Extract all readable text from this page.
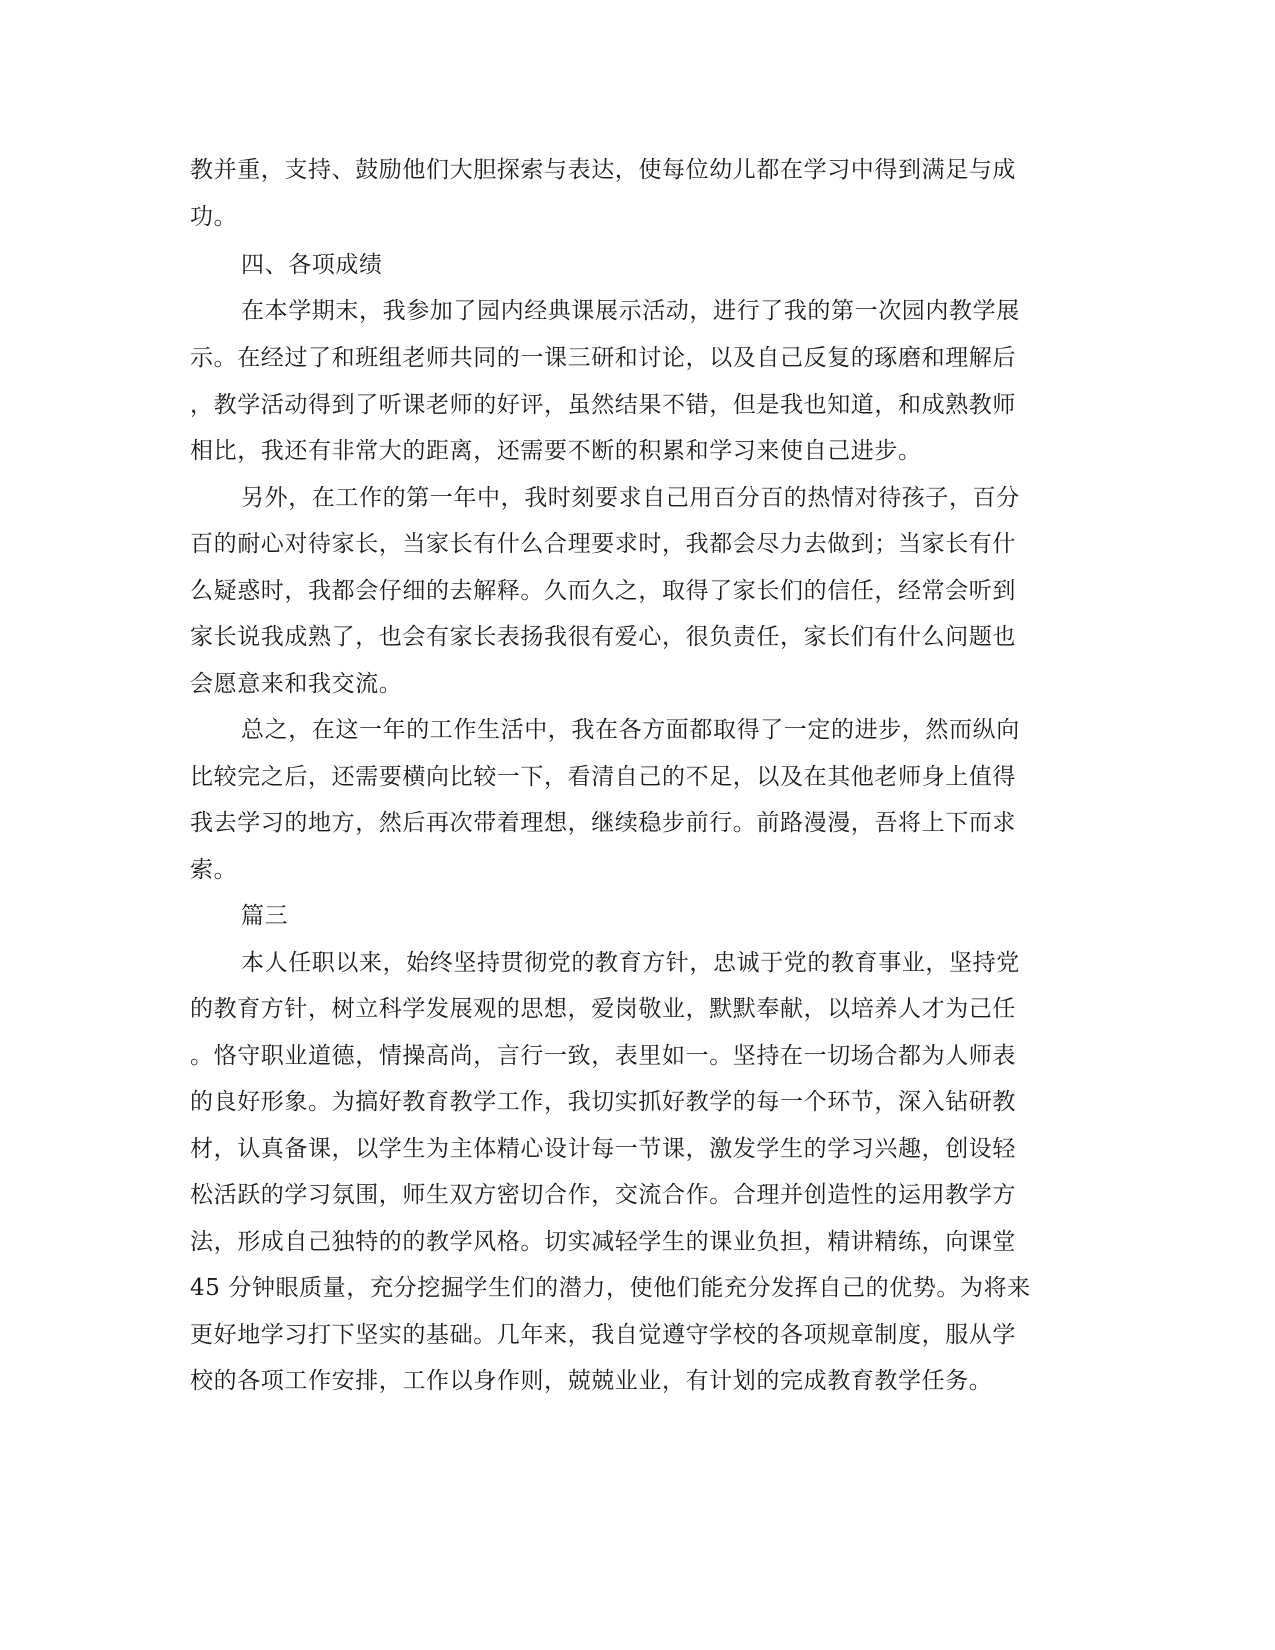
教并重，支持、鼓励他们大胆探索与表达，使每位幼儿都在学习中得到满足与成
功。
四、各项成绩
在本学期末，我参加了园内经典课展示活动，进行了我的第一次园内教学展
示。在经过了和班组老师共同的一课三研和讨论，以及自己反复的琢磨和理解后
，教学活动得到了听课老师的好评，虽然结果不错，但是我也知道，和成熟教师
相比，我还有非常大的距离，还需要不断的积累和学习来使自己进步。
另外，在工作的第一年中，我时刻要求自己用百分百的热情对待孩子，百分
百的耐心对待家长，当家长有什么合理要求时，我都会尽力去做到；当家长有什
么疑惑时，我都会仔细的去解释。久而久之，取得了家长们的信任，经常会听到
家长说我成熟了，也会有家长表扬我很有爱心，很负责任，家长们有什么问题也
会愿意来和我交流。
总之，在这一年的工作生活中，我在各方面都取得了一定的进步，然而纵向
比较完之后，还需要横向比较一下，看清自己的不足，以及在其他老师身上值得
我去学习的地方，然后再次带着理想，继续稳步前行。前路漫漫，吾将上下而求
索。
篇三
本人任职以来，始终坚持贯彻党的教育方针，忠诚于党的教育事业，坚持党
的教育方针，树立科学发展观的思想，爱岗敬业，默默奉献，以培养人才为己任
。恪守职业道德，情操高尚，言行一致，表里如一。坚持在一切场合都为人师表
的良好形象。为搞好教育教学工作，我切实抓好教学的每一个环节，深入钻研教
材，认真备课，以学生为主体精心设计每一节课，激发学生的学习兴趣，创设轻
松活跃的学习氛围，师生双方密切合作，交流合作。合理并创造性的运用教学方
法，形成自己独特的的教学风格。切实减轻学生的课业负担，精讲精练，向课堂
45 分钟眼质量，充分挖掘学生们的潜力，使他们能充分发挥自己的优势。为将来
更好地学习打下坚实的基础。几年来，我自觉遵守学校的各项规章制度，服从学
校的各项工作安排，工作以身作则，兢兢业业，有计划的完成教育教学任务。
